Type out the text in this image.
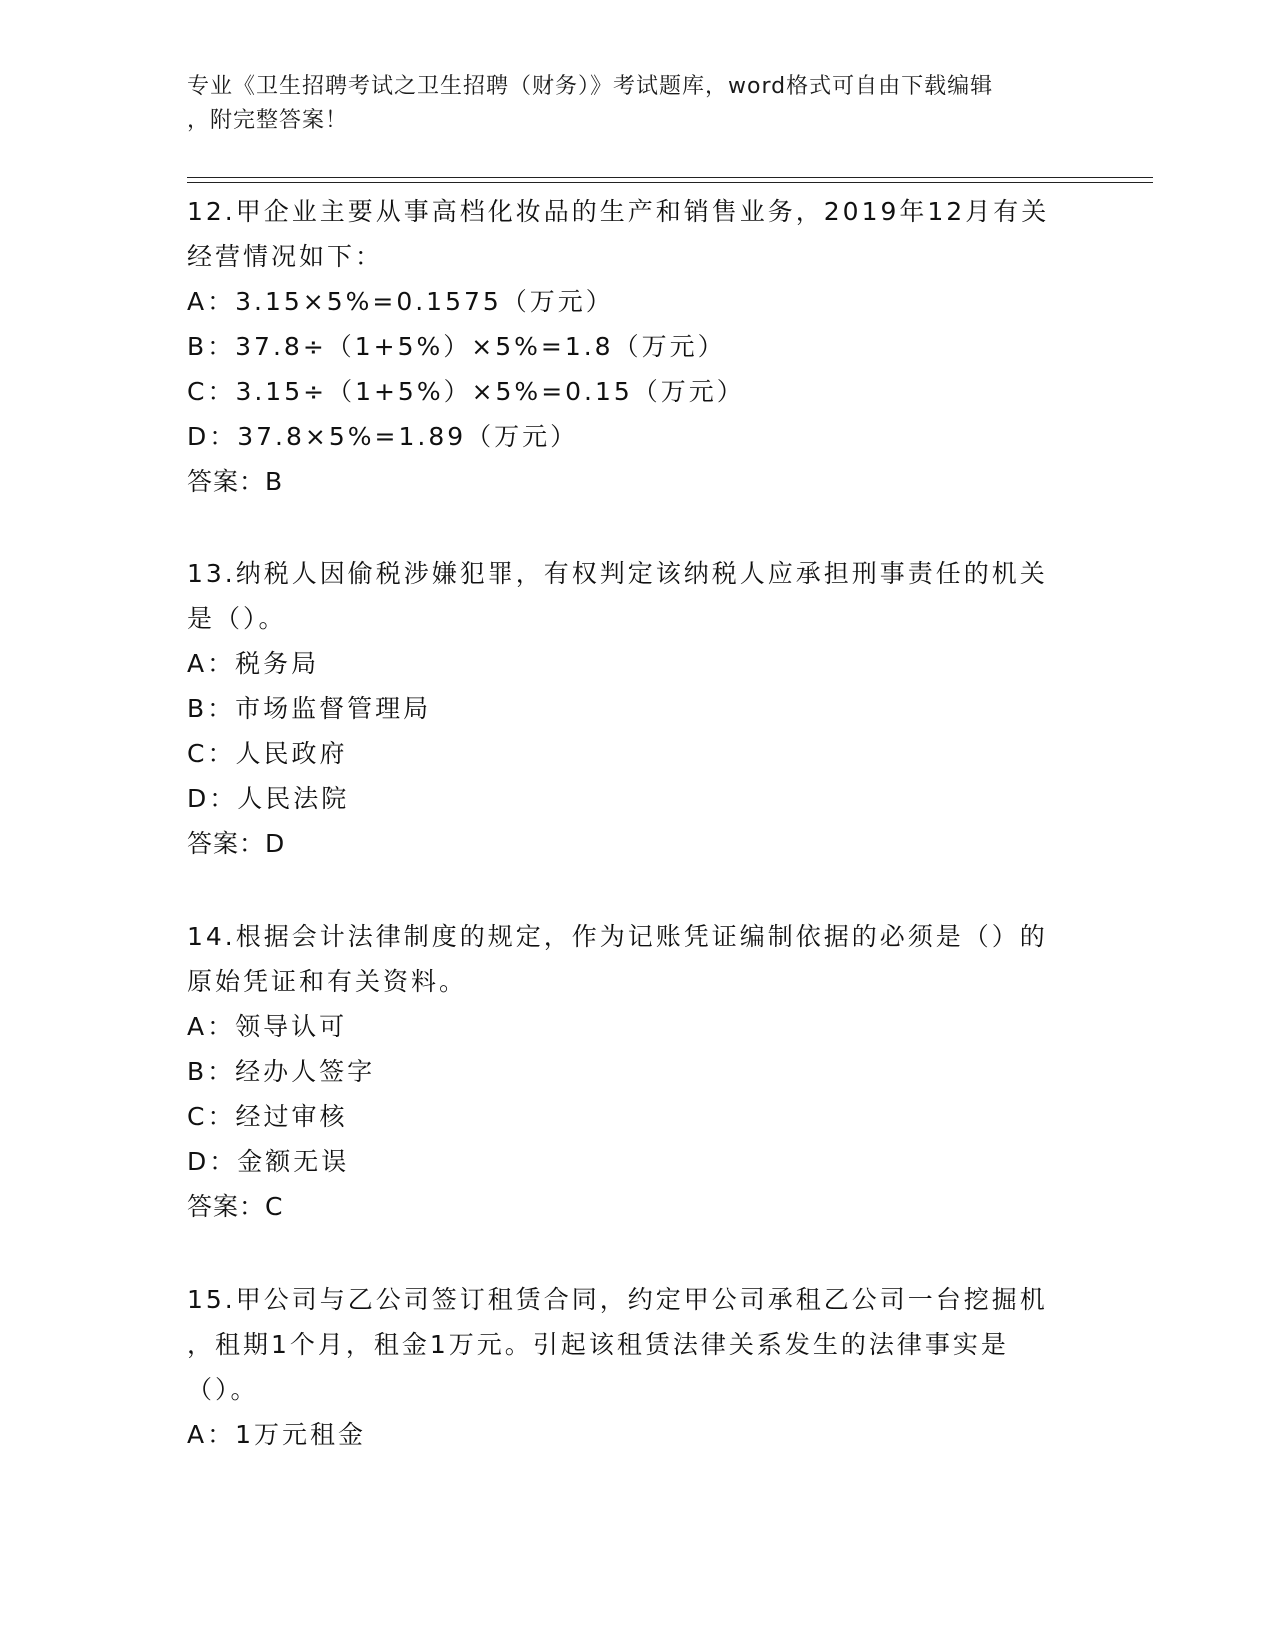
专业《卫生招聘考试之卫生招聘（财务）》考试题库，word格式可自由下载编辑
，附完整答案！

12.甲企业主要从事高档化妆品的生产和销售业务，2019年12月有关

经营情况如下：

A：3.15×5%=0.1575（万元）

B：37.8÷（1+5%）×5%=1.8（万元）

C：3.15÷（1+5%）×5%=0.15（万元）

D：37.8×5%=1.89（万元）

答案：B

13.纳税人因偷税涉嫌犯罪，有权判定该纳税人应承担刑事责任的机关

是（）。

A：税务局

B：市场监督管理局

C：人民政府

D：人民法院

答案：D

14.根据会计法律制度的规定，作为记账凭证编制依据的必须是（）的

原始凭证和有关资料。

A：领导认可

B：经办人签字

C：经过审核

D：金额无误

答案：C

15.甲公司与乙公司签订租赁合同，约定甲公司承租乙公司一台挖掘机

，租期1个月，租金1万元。引起该租赁法律关系发生的法律事实是

（）。

A：1万元租金
